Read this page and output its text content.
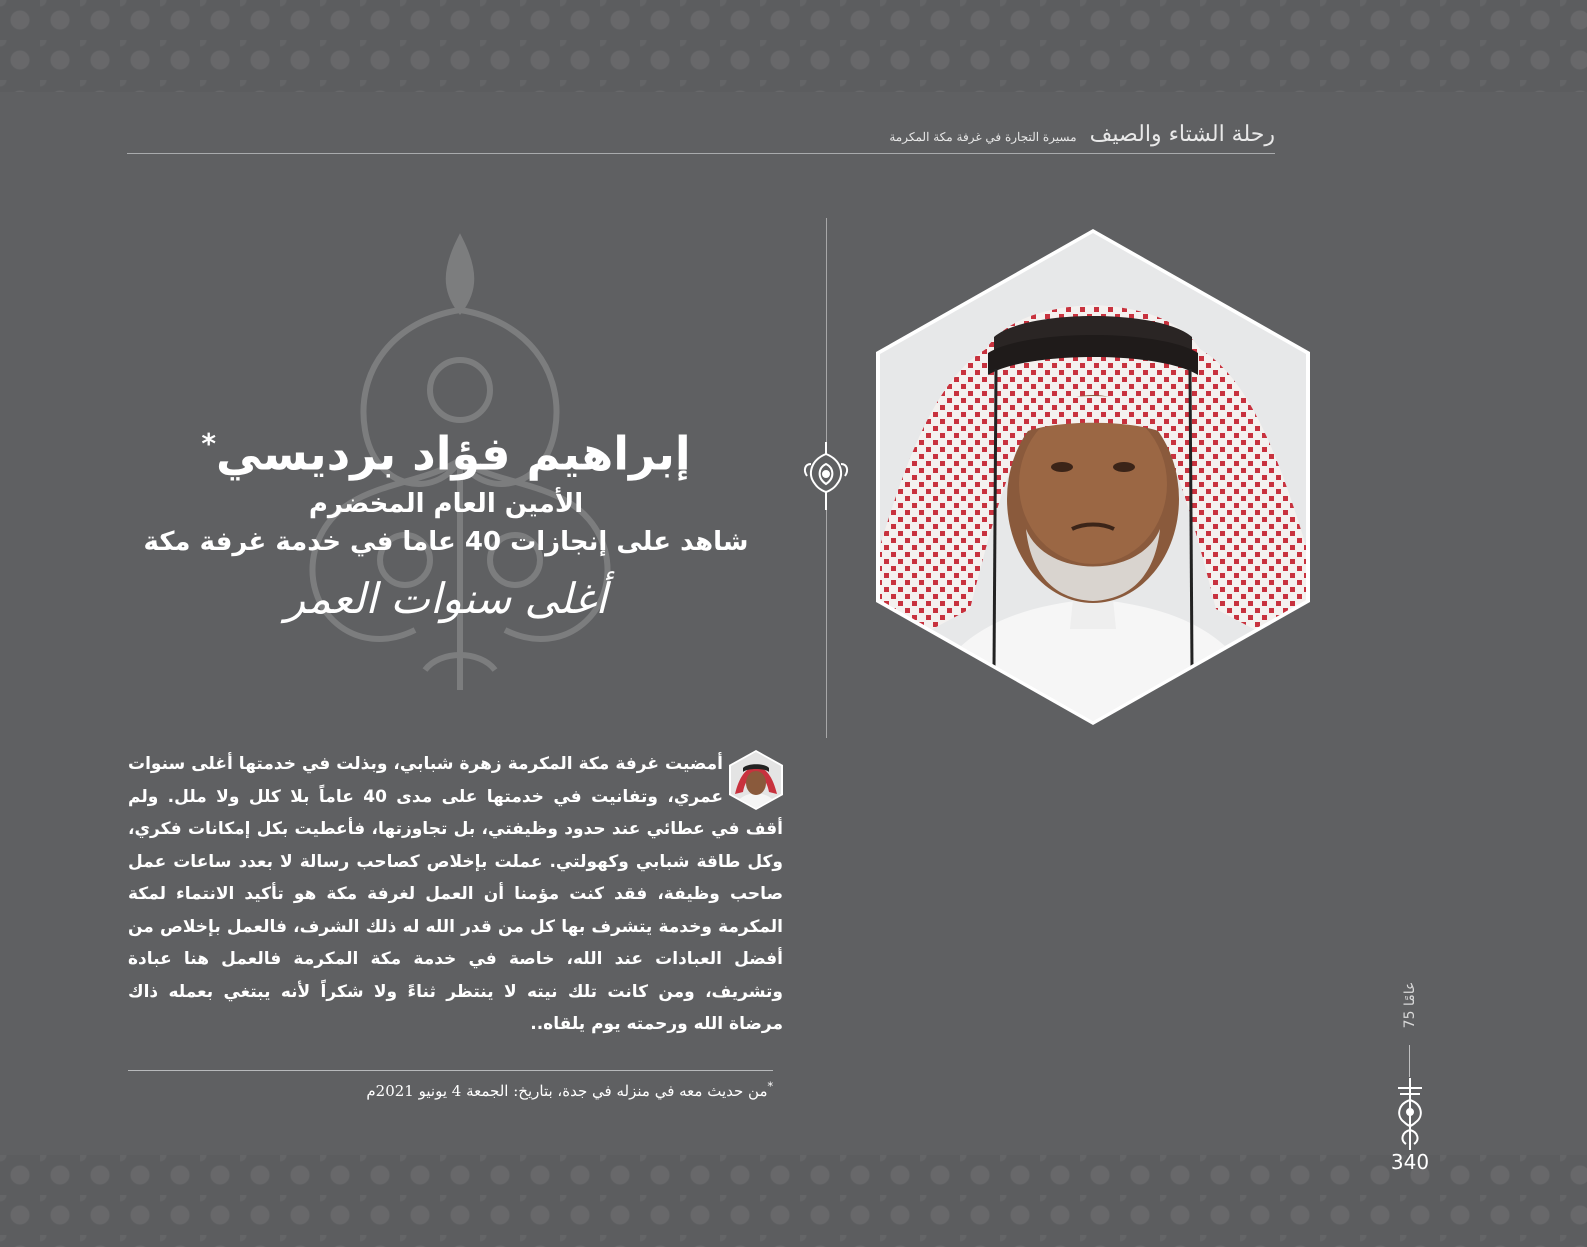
رحلة الشتاء والصيف مسيرة التجارة في غرفة مكة المكرمة
إبراهيم فؤاد برديسي*
الأمين العام المخضرم
شاهد على إنجازات 40 عاما في خدمة غرفة مكة
أغلى سنوات العمر
أمضيت غرفة مكة المكرمة زهرة شبابي، وبذلت في خدمتها أغلى سنوات عمري، وتفانيت في خدمتها على مدى 40 عاماً بلا كلل ولا ملل. ولم أقف في عطائي عند حدود وظيفتي، بل تجاوزتها، فأعطيت بكل إمكانات فكري، وكل طاقة شبابي وكهولتي. عملت بإخلاص كصاحب رسالة لا بعدد ساعات عمل صاحب وظيفة، فقد كنت مؤمنا أن العمل لغرفة مكة هو تأكيد الانتماء لمكة المكرمة وخدمة يتشرف بها كل من قدر الله له ذلك الشرف، فالعمل بإخلاص من أفضل العبادات عند الله، خاصة في خدمة مكة المكرمة فالعمل هنا عبادة وتشريف، ومن كانت تلك نيته لا ينتظر ثناءً ولا شكراً لأنه يبتغي بعمله ذاك مرضاة الله ورحمته يوم يلقاه..
*من حديث معه في منزله في جدة، بتاريخ: الجمعة 4 يونيو 2021م
75 عامًا
340
